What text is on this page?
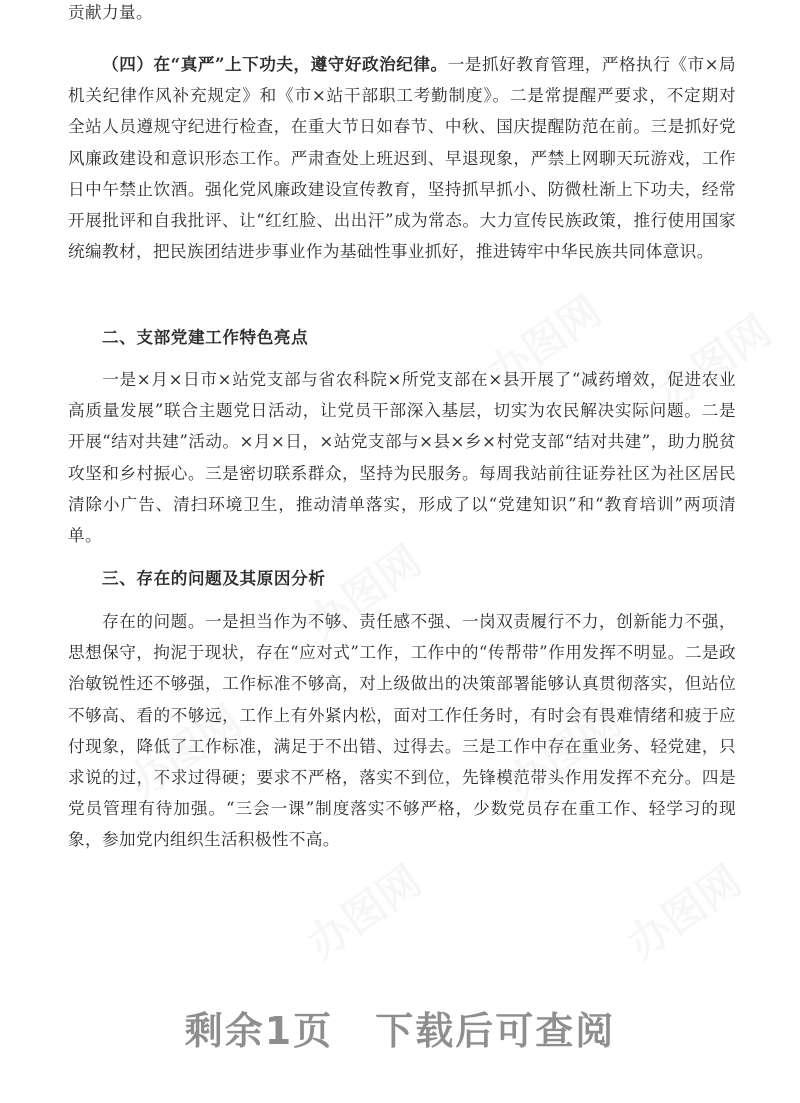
贡献力量。

（四）在“真严”上下功夫，遵守好政治纪律。一是抓好教育管理，严格执行《市×局机关纪律作风补充规定》和《市×站干部职工考勤制度》。二是常提醒严要求，不定期对全站人员遵规守纪进行检查，在重大节日如春节、中秋、国庆提醒防范在前。三是抓好党风廉政建设和意识形态工作。严肃查处上班迟到、早退现象，严禁上网聊天玩游戏，工作日中午禁止饮酒。强化党风廉政建设宣传教育，坚持抓早抓小、防微杜渐上下功夫，经常开展批评和自我批评、让“红红脸、出出汗”成为常态。大力宣传民族政策，推行使用国家统编教材，把民族团结进步事业作为基础性事业抓好，推进铸牢中华民族共同体意识。

二、支部党建工作特色亮点

一是×月×日市×站党支部与省农科院×所党支部在×县开展了“减药增效，促进农业高质量发展”联合主题党日活动，让党员干部深入基层，切实为农民解决实际问题。二是开展“结对共建”活动。×月×日，×站党支部与×县×乡×村党支部“结对共建”，助力脱贫攻坚和乡村振心。三是密切联系群众，坚持为民服务。每周我站前往证券社区为社区居民清除小广告、清扫环境卫生，推动清单落实，形成了以“党建知识”和“教育培训”两项清单。

三、存在的问题及其原因分析

存在的问题。一是担当作为不够、责任感不强、一岗双责履行不力，创新能力不强，思想保守，拘泥于现状，存在“应对式”工作，工作中的“传帮带”作用发挥不明显。二是政治敏锐性还不够强，工作标准不够高，对上级做出的决策部署能够认真贯彻落实，但站位不够高、看的不够远，工作上有外紧内松，面对工作任务时，有时会有畏难情绪和疲于应付现象，降低了工作标准，满足于不出错、过得去。三是工作中存在重业务、轻党建，只求说的过，不求过得硬；要求不严格，落实不到位，先锋模范带头作用发挥不充分。四是党员管理有待加强。“三会一课”制度落实不够严格，少数党员存在重工作、轻学习的现象，参加党内组织生活积极性不高。

剩余1页 下载后可查阅
办图网 办图网
办图网
办图网
办图网
办图网	办图网
